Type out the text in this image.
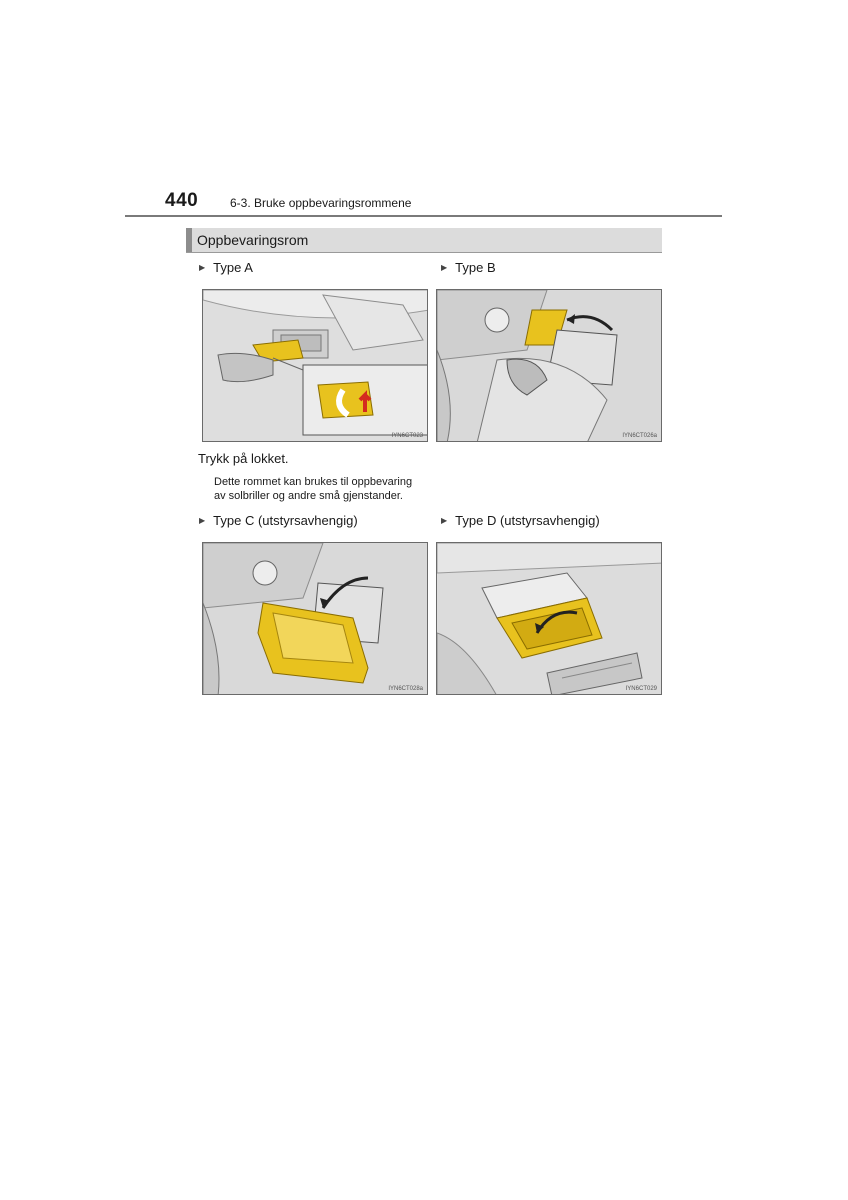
440	6-3. Bruke oppbevaringsrommene
Oppbevaringsrom
▶ Type A
IYN6CT023
▶ Type B
IYN6CT026a
Trykk på lokket.
Dette rommet kan brukes til oppbevaring
av solbriller og andre små gjenstander.
▶ Type C (utstyrsavhengig)
IYN6CT028a
▶ Type D (utstyrsavhengig)
IYN6CT029
